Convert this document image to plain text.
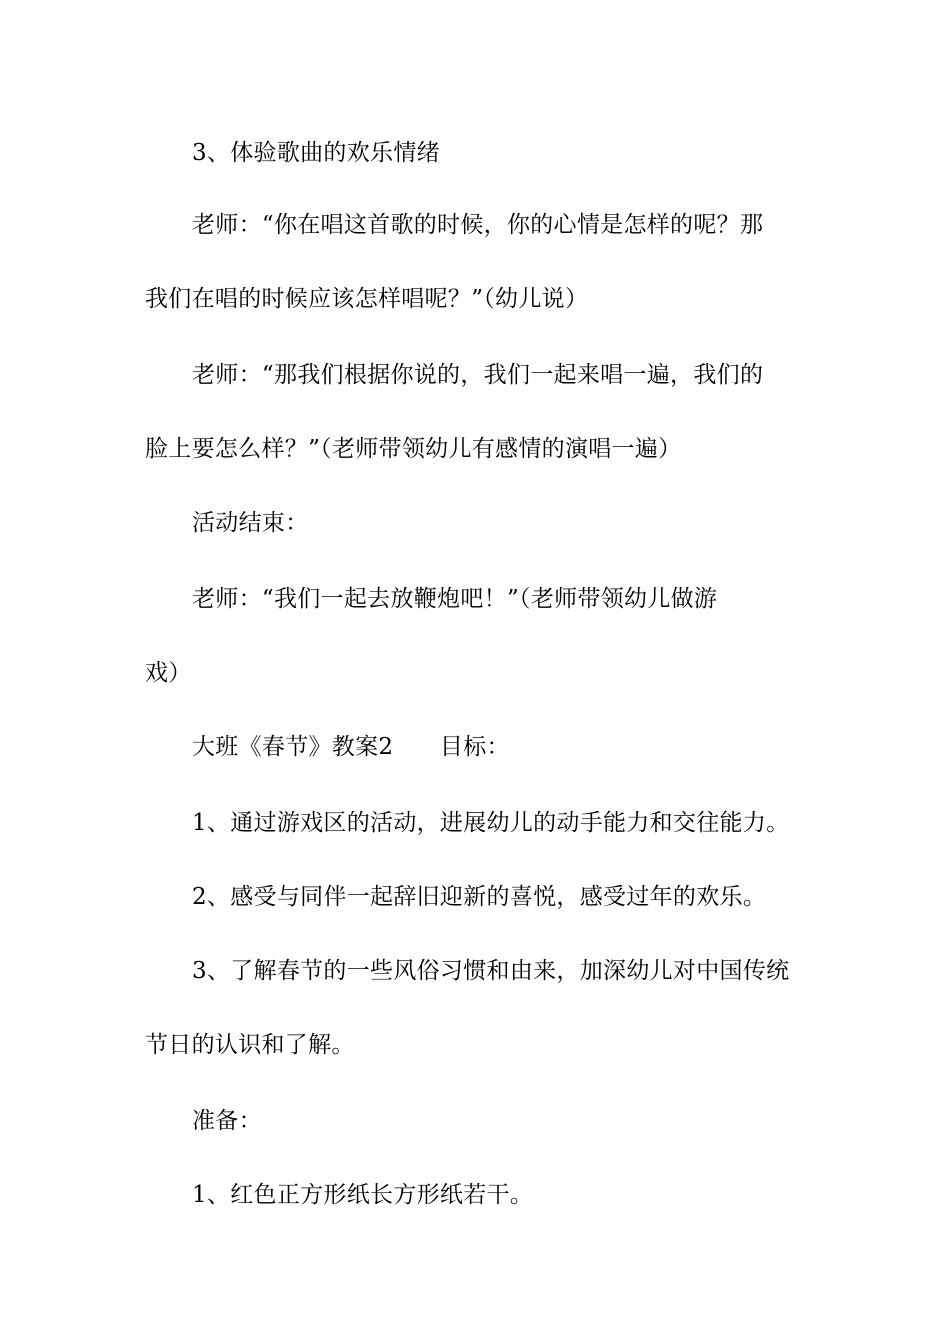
3、体验歌曲的欢乐情绪
老师：“你在唱这首歌的时候，你的心情是怎样的呢？那
我们在唱的时候应该怎样唱呢？”（幼儿说）
老师：“那我们根据你说的，我们一起来唱一遍，我们的
脸上要怎么样？”（老师带领幼儿有感情的演唱一遍）
活动结束：
老师：“我们一起去放鞭炮吧！”（老师带领幼儿做游
戏）
大班《春节》教案2　　目标：
1、通过游戏区的活动，进展幼儿的动手能力和交往能力。
2、感受与同伴一起辞旧迎新的喜悦，感受过年的欢乐。
3、了解春节的一些风俗习惯和由来，加深幼儿对中国传统
节日的认识和了解。
准备：
1、红色正方形纸长方形纸若干。
